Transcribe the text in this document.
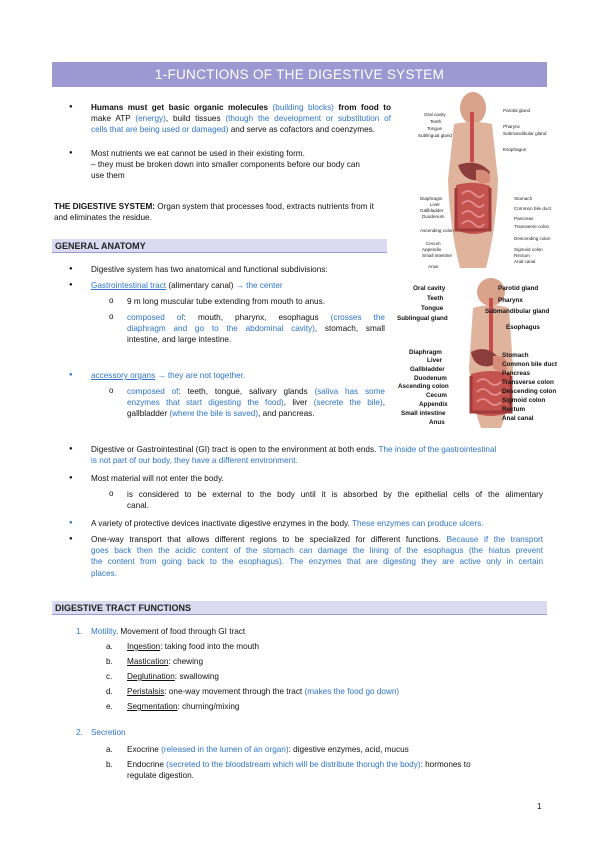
1-FUNCTIONS OF THE DIGESTIVE SYSTEM
● Humans must get basic organic molecules (building blocks) from food to
make ATP (energy), build tissues (though the development or substitution of
cells that are being used or damaged) and serve as cofactors and coenzymes.
● Most nutrients we eat cannot be used in their existing form.
– they must be broken down into smaller components before our body can
use them
THE DIGESTIVE SYSTEM: Organ system that processes food, extracts nutrients from it
and eliminates the residue.
GENERAL ANATOMY
● Digestive system has two anatomical and functional subdivisions:
● Gastrointestinal tract (alimentary canal) → the center
o 9 m long muscular tube extending from mouth to anus.
o composed of: mouth, pharynx, esophagus (crosses the
diaphragm and go to the abdominal cavity), stomach, small
intestine, and large intestine.
● accessory organs → they are not together.
o composed of: teeth, tongue, salivary glands (saliva has some
enzymes that start digesting the food), liver (secrete the bile),
gallbladder (where the bile is saved), and pancreas.
● Digestive or Gastrointestinal (GI) tract is open to the environment at both ends. The inside of the gastrointestinal
is not part of our body, they have a different environment.
● Most material will not enter the body.
o is considered to be external to the body until it is absorbed by the epithelial cells of the alimentary
canal.
● A variety of protective devices inactivate digestive enzymes in the body. These enzymes can produce ulcers.
● One-way transport that allows different regions to be specialized for different functions. Because if the transport
goes back then the acidic content of the stomach can damage the lining of the esophagus (the hiatus prevent
the content from going back to the esophagus). The enzymes that are digesting they are active only in certain
places.
DIGESTIVE TRACT FUNCTIONS
1. Motility. Movement of food through GI tract
a. Ingestion: taking food into the mouth
b. Mastication: chewing
c. Deglutination: swallowing
d. Peristalsis: one-way movement through the tract (makes the food go down)
e. Segmentation: churning/mixing
2. Secretion
a. Exocrine (released in the lumen of an organ): digestive enzymes, acid, mucus
b. Endocrine (secreted to the bloodstream which will be distribute thorugh the body): hormones to
regulate digestion.
1
Oral cavity
Teeth
Tongue
Sublingual gland
Parotid gland
Pharynx
Submandibular gland
Esophagus
Diaphragm
Liver
Gallbladder
Duodenum
Stomach
Common bile duct
Pancreas
Transverse colon
Ascending colon
Descending colon
Cecum
Appendix	Sigmoid colon
Small intestine	Rectum
Anal canal
Anus
Oral cavity
Teeth
Tongue
Sublingual gland
Diaphragm
Liver
Gallbladder
Duodenum
Ascending colon
Cecum
Appendix
Small intestine
Anus
Parotid gland
Pharynx
Submandibular gland
Esophagus
Stomach
Common bile duct
Pancreas
Transverse colon
Descending colon
Sigmoid colon
Rectum
Anal canal
